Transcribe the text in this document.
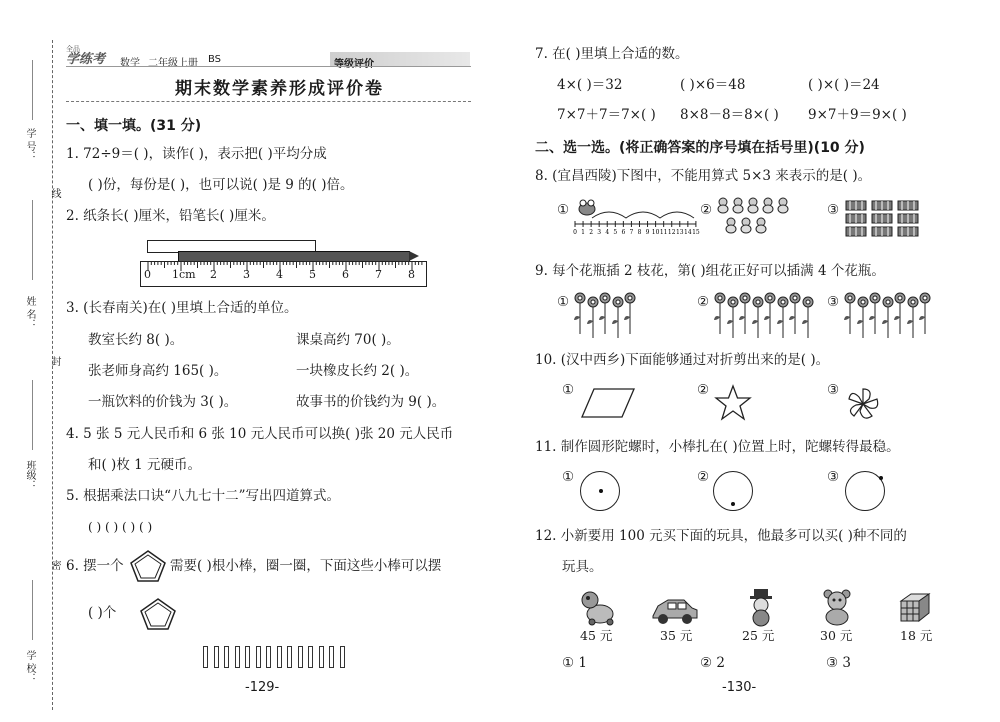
学 号：
线
姓 名：
封
班级：
密
学 校：
全品
学练考	数学 二年级上册 BS	等级评价
期末数学素养形成评价卷
一、填一填。(31 分)
1. 72÷9＝( )，读作( )，表示把( )平均分成
( )份，每份是( )，也可以说( )是 9 的( )倍。
2. 纸条长( )厘米，铅笔长( )厘米。
0 1cm 2 3 4 5 6 7 8
3. (长春南关)在( )里填上合适的单位。
教室长约 8( )。	课桌高约 70( )。
张老师身高约 165( )。	一块橡皮长约 2( )。
一瓶饮料的价钱为 3( )。	故事书的价钱约为 9( )。
4. 5 张 5 元人民币和 6 张 10 元人民币可以换( )张 20 元人民币
和( )枚 1 元硬币。
5. 根据乘法口诀“八九七十二”写出四道算式。
( ) ( ) ( ) ( )
6. 摆一个	需要( )根小棒，圈一圈，下面这些小棒可以摆
( )个
-129-
7. 在( )里填上合适的数。
4×( )＝32	( )×6＝48	( )×( )＝24
7×7＋7＝7×( ) 8×8－8＝8×( ) 9×7＋9＝9×( )
二、选一选。(将正确答案的序号填在括号里)(10 分)
8. (宜昌西陵)下图中，不能用算式 5×3 来表示的是( )。
①
0 1 2 3 4 5 6 7 8 9 10 11 12 13 14 15
②	③
9. 每个花瓶插 2 枝花，第( )组花正好可以插满 4 个花瓶。
①	②	③
10. (汉中西乡)下面能够通过对折剪出来的是( )。
①	②	③
11. 制作圆形陀螺时，小棒扎在( )位置上时，陀螺转得最稳。
①	②	③
12. 小新要用 100 元买下面的玩具，他最多可以买( )种不同的
玩具。
45 元	35 元	25 元	30 元	18 元
① 1	② 2	③ 3
-130-
